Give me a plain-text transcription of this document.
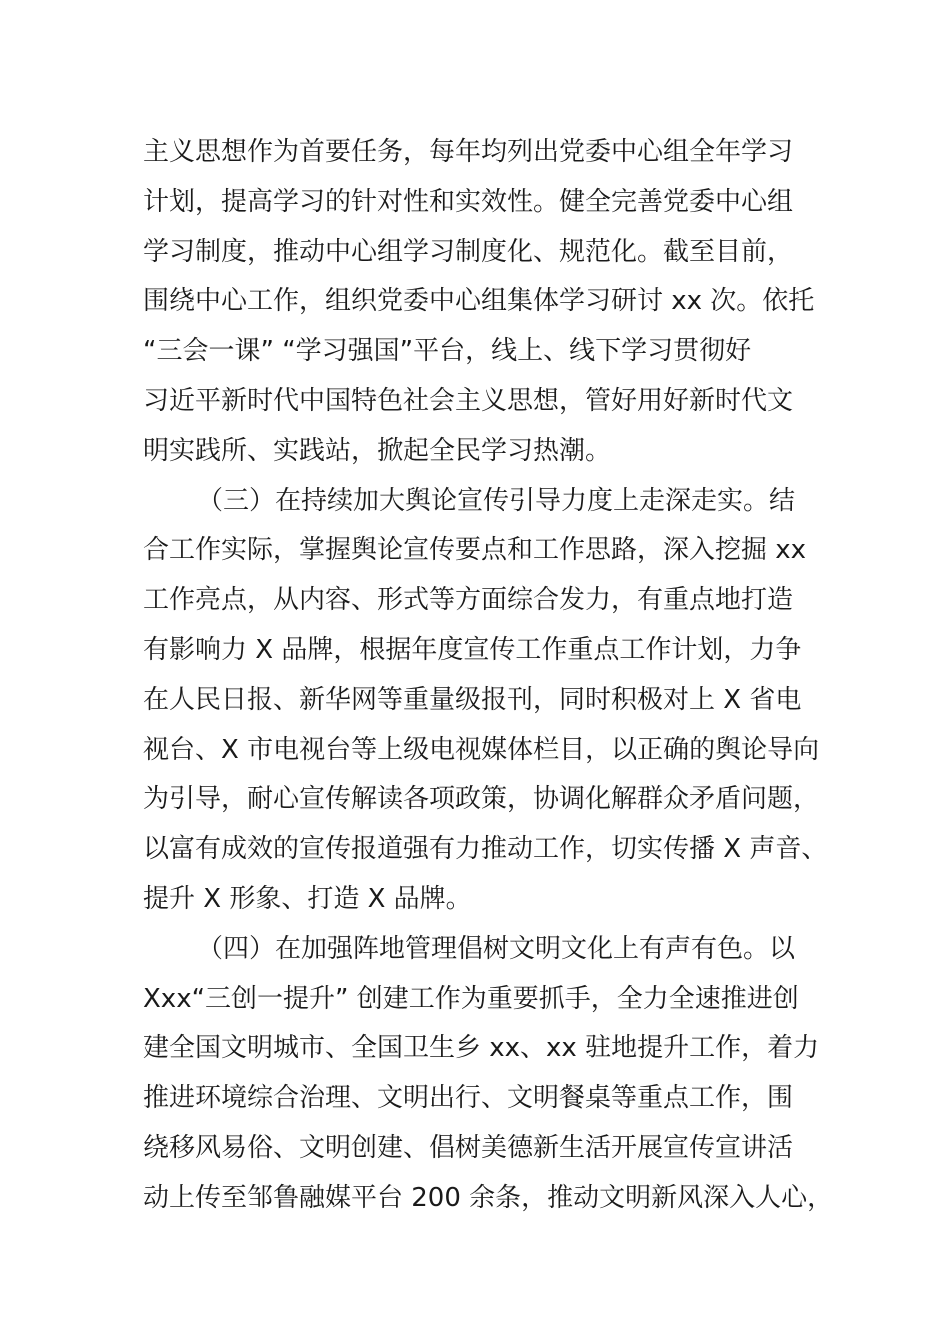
主义思想作为首要任务，每年均列出党委中心组全年学习
计划，提高学习的针对性和实效性。健全完善党委中心组
学习制度，推动中心组学习制度化、规范化。截至目前，
围绕中心工作，组织党委中心组集体学习研讨 xx 次。依托
“三会一课” “学习强国”平台，线上、线下学习贯彻好
习近平新时代中国特色社会主义思想，管好用好新时代文
明实践所、实践站，掀起全民学习热潮。
（三）在持续加大舆论宣传引导力度上走深走实。结
合工作实际，掌握舆论宣传要点和工作思路，深入挖掘 xx
工作亮点，从内容、形式等方面综合发力，有重点地打造
有影响力 X 品牌，根据年度宣传工作重点工作计划，力争
在人民日报、新华网等重量级报刊，同时积极对上 X 省电
视台、X 市电视台等上级电视媒体栏目，以正确的舆论导向
为引导，耐心宣传解读各项政策，协调化解群众矛盾问题，
以富有成效的宣传报道强有力推动工作，切实传播 X 声音、
提升 X 形象、打造 X 品牌。
（四）在加强阵地管理倡树文明文化上有声有色。以
Xxx“三创一提升” 创建工作为重要抓手，全力全速推进创
建全国文明城市、全国卫生乡 xx、xx 驻地提升工作，着力
推进环境综合治理、文明出行、文明餐桌等重点工作，围
绕移风易俗、文明创建、倡树美德新生活开展宣传宣讲活
动上传至邹鲁融媒平台 200 余条，推动文明新风深入人心，
